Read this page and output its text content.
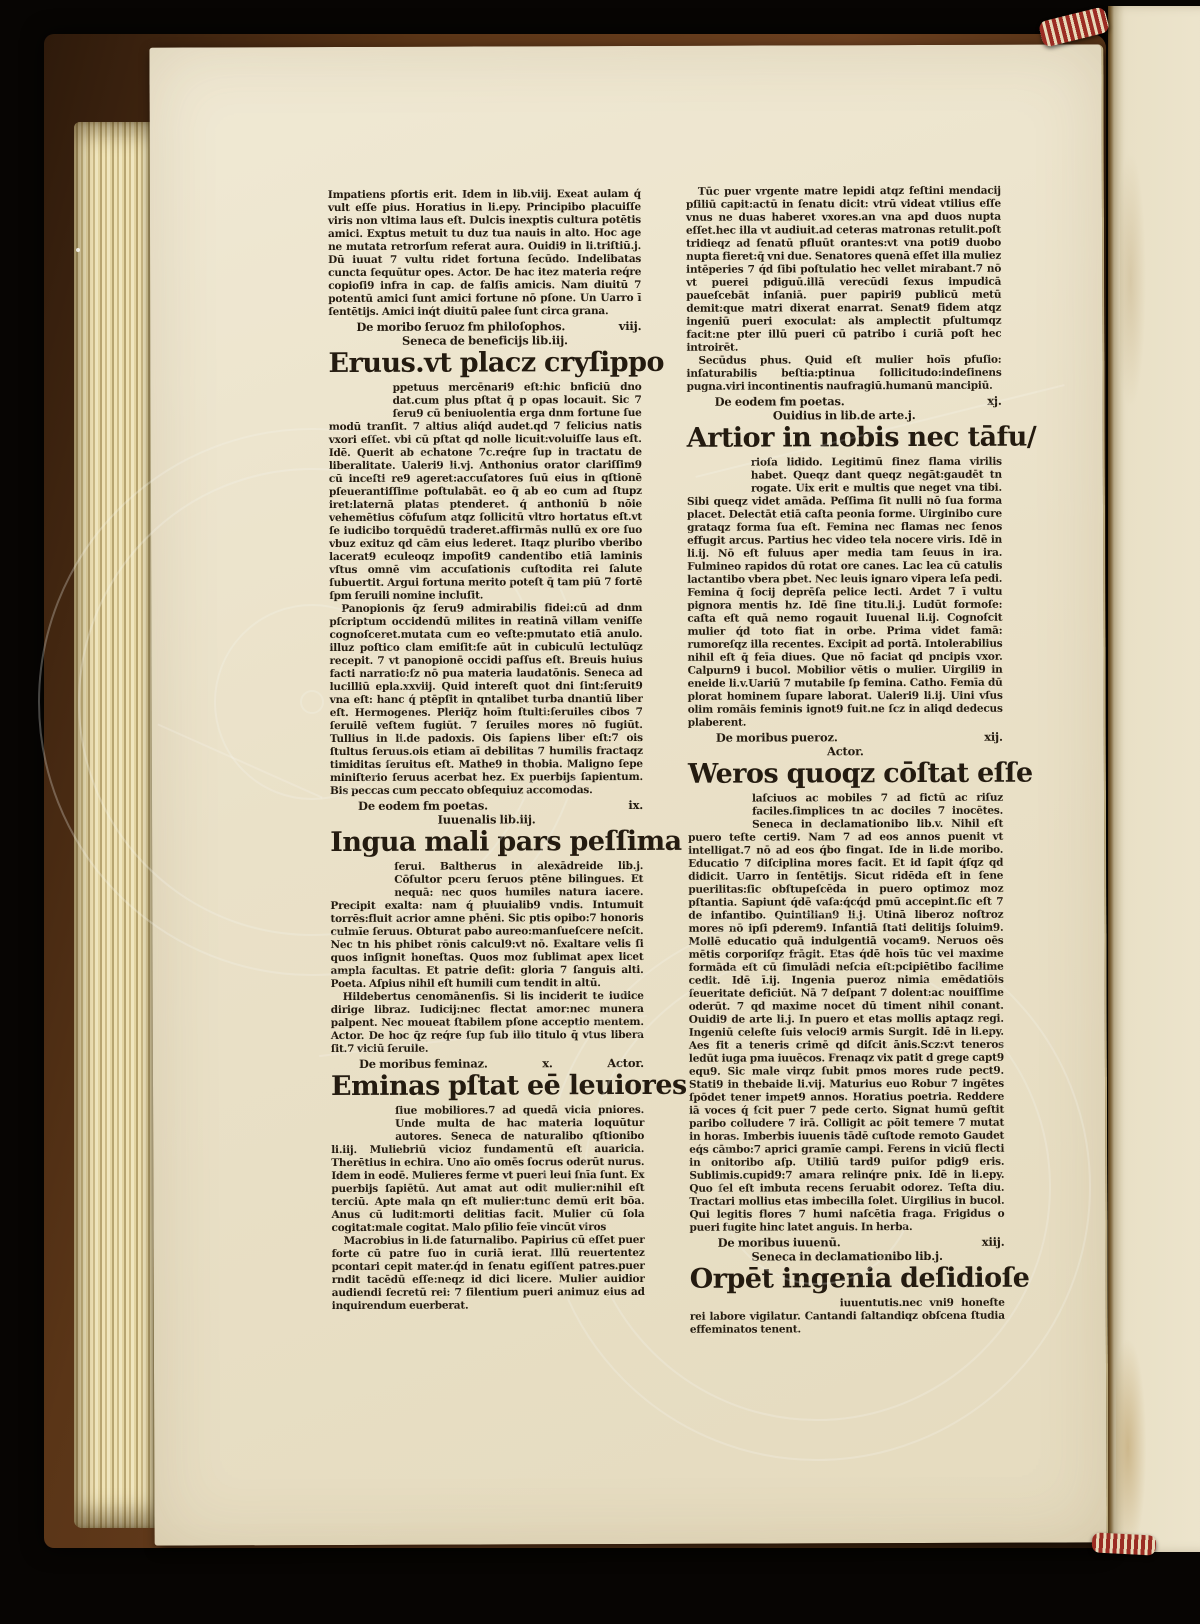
Impatiens pſortis erit. Idem in lib.viij. Exeat aulam q́ vult eſſe pius. Horatius in li.epy. Principibo placuiſſe viris non vltima laus eſt. Dulcis inexptis cultura potētis amici. Exptus metuit tu duz tua nauis in alto. Hoc age ne mutata retrorſum referat aura. Ouidi9 in li.triſtiū.j. Dū iuuat 7 vultu ridet fortuna ſecūdo. Indelibatas cuncta ſequūtur opes. Actor. De hac itez materia req́re copioſi9 infra in cap. de falſis amicis. Nam diuitū 7 potentū amici ſunt amici fortune nō pſone. Un Uarro ī ſentētijs. Amici inq́t diuitū palee ſunt circa grana.

De moribo ſeruoz fm philoſophos.	viij.

Seneca de beneficijs lib.iij.

Eruus.vt placz cryſippo

ppetuus mercēnari9 eſt:hic bnficiū dno dat.cum plus pſtat q̄ p opas locauit. Sic 7 ſeru9 cū beniuolentia erga dnm fortune ſue modū tranſit. 7 altius aliq́d audet.qd 7 felicius natis vxori eſſet. vbi cū pſtat qd nolle licuit:voluiſſe laus eſt. Idē. Querit ab echatone 7c.req́re ſup in tractatu de liberalitate. Ualeri9 li.vj. Anthonius orator clariſſim9 cū inceſti re9 ageret:accuſatores ſuū eius in qſtionē pſeuerantiſſime poſtulabāt. eo q̄ ab eo cum ad ſtupz iret:laternā platas ptenderet. q́ anthoniū b nōie vehemētius cōfuſum atqz ſollicitū vltro hortatus eſt.vt ſe iudicibo torquēdū traderet.affirmās nullū ex ore ſuo vbuz exituz qd cām eius lederet. Itaqz pluribo vberibo lacerat9 eculeoqz impoſit9 candentibo etiā laminis vſtus omnē vim accuſationis cuſtodita rei ſalute ſubuertit. Argui fortuna merito poteſt q̄ tam piū 7 fortē ſpm ſeruili nomine incluſit.

Panopionis q̄z ſeru9 admirabilis fidei:cū ad dnm pſcriptum occidendū milites in reatinā villam veniſſe cognoſceret.mutata cum eo veſte:pmutato etiā anulo. illuz poſtico clam emiſit:ſe aūt in cubiculū lectulūqz recepit. 7 vt panopionē occidi paſſus eſt. Breuis huius facti narratio:ſz nō pua materia laudatōnis. Seneca ad lucilliū epla.xxviij. Quid intereſt quot dni ſint:ſeruit9 vna eſt: hanc q́ ptēpſit in qntalibet turba dnantiū liber eſt. Hermogenes. Pleriq̄z hoīm ſtulti:ſeruiles cibos 7 ſeruilē veſtem fugiūt. 7 ſeruiles mores nō fugiūt. Tullius in li.de padoxis. Ois ſapiens liber eſt:7 ois ſtultus ſeruus.ois etiam aī debilitas 7 humilis fractaqz timiditas ſeruitus eſt. Mathe9 in thobia. Maligno ſepe miniſterio ſeruus acerbat hez. Ex puerbijs ſapientum. Bis peccas cum peccato obſequiuz accomodas.

De eodem fm poetas.	ix.

Iuuenalis lib.iij.

Ingua mali pars peſſima

ſerui. Baltherus in alexādreide lib.j. Cōſultor pceru ſeruos ptēne bilingues. Et nequā: nec quos humiles natura iacere. Precipit exalta: nam q́ pluuialib9 vndis. Intumuit torrēs:fluit acrior amne phēni. Sic ptis opibo:7 honoris culmīe ſeruus. Obturat pabo aureo:manſueſcere neſcit. Nec tn his phibet rōnis calcul9:vt nō. Exaltare velis ſi quos inſignit honeſtas. Quos moz ſublimat apex licet ampla facultas. Et patrie deſit: gloria 7 ſanguis alti. Poeta. Aſpius nihil eſt humili cum tendit in altū.

Hildebertus cenomānenſis. Si lis inciderit te iudice dirige libraz. Iudicij:nec flectat amor:nec munera palpent. Nec moueat ſtabilem pſone acceptio mentem. Actor. De hoc q̄z req́re ſup ſub illo titulo q̄ vtus libera ſit.7 viciū ſeruile.

De moribus feminaz.	x.	Actor.
Eminas pſtat eē leuiores

ſiue mobiliores.7 ad quedā vicia pniores. Unde multa de hac materia loquūtur autores. Seneca de naturalibo qſtionibo li.iij. Muliebriū vicioz fundamentū eſt auaricia. Therētius in echira. Uno aīo omēs ſocrus oderūt nurus. Idem in eodē. Mulieres ferme vt pueri leui ſnīa ſunt. Ex puerbijs ſapiētū. Aut amat aut odit mulier:nihil eſt terciū. Apte mala qn eſt mulier:tunc demū erit bōa. Anus cū ludit:morti delitias facit. Mulier cū ſola cogitat:male cogitat. Malo pſilio feīe vincūt viros

Macrobius in li.de ſaturnalibo. Papirius cū eſſet puer forte cū patre ſuo in curiā ierat. Illū reuertentez pcontari cepit mater.q́d in ſenatu egiſſent patres.puer rndit tacēdū eſſe:neqz id dici licere. Mulier auidior audiendi ſecretū rei: 7 ſilentium pueri animuz eius ad inquirendum euerberat.

Tūc puer vrgente matre lepidi atqz feſtini mendacij pſiliū capit:actū in ſenatu dicit: vtrū videat vtilius eſſe vnus ne duas haberet vxores.an vna apd duos nupta eſſet.hec illa vt audiuit.ad ceteras matronas retulit.poſt tridieqz ad ſenatū pfluūt orantes:vt vna poti9 duobo nupta fieret:q̄ vni due. Senatores quenā eſſet illa muliez intēperies 7 q́d ſibi poſtulatio hec vellet mirabant.7 nō vt puerei pdiguū.illā verecūdi ſexus impudicā paueſcebāt inſaniā. puer papiri9 publicū metū demit:que matri dixerat enarrat. Senat9 fidem atqz ingeniū pueri exoculat: als amplectit pſultumqz facit:ne pter illū pueri cū patribo i curiā poſt hec introirēt.

Secūdus phus. Quid eſt mulier hoīs pfuſio: inſaturabilis beſtia:ptinua ſollicitudo:indeſinens pugna.viri incontinentis naufragiū.humanū mancipiū.

De eodem fm poetas.	xj.

Ouidius in lib.de arte.j.

Artior in nobis nec tāfu/

rioſa lidido. Legitimū finez flama virilis habet. Queqz dant queqz negāt:gaudēt tn rogate. Uix erit e multis que neget vna tibi. Sibi queqz videt amāda. Peſſima ſit nulli nō ſua forma placet. Delectāt etiā caſta peonia forme. Uirginibo cure grataqz forma ſua eſt. Femina nec flamas nec ſenos effugit arcus. Partius hec video tela nocere viris. Idē in li.ij. Nō eſt fuluus aper media tam ſeuus in ira. Fulmineo rapidos dū rotat ore canes. Lac lea cū catulis lactantibo vbera pbet. Nec leuis ignaro vipera leſa pedi. Femina q̄ ſocij deprēſa pelice lecti. Ardet 7 ī vultu pignora mentis hz. Idē ſine titu.li.j. Ludūt formoſe: caſta eſt quā nemo rogauit Iuuenal li.ij. Cognoſcit mulier q́d toto fiat in orbe. Prima videt famā: rumoreſqz illa recentes. Excipit ad portā. Intolerabilius nihil eſt q̄ feīa diues. Que nō faciat qd pncipis vxor. Calpurn9 i bucol. Mobilior vētis o mulier. Uirgili9 in eneide li.v.Uariū 7 mutabile ſp femina. Catho. Femīa dū plorat hominem ſupare laborat. Ualeri9 li.ij. Uini vſus olim romāis feminis ignot9 fuit.ne ſcz in aliqd dedecus plaberent.

De moribus pueroz.	xij.

Actor.

Weros quoqz cōſtat eſſe

laſciuos ac mobiles 7 ad fictū ac riſuz faciles.ſimplices tn ac dociles 7 inocētes. Seneca in declamationibo lib.v. Nihil eſt puero teſte certi9. Nam 7 ad eos annos puenit vt intelligat.7 nō ad eos q́bo fingat. Ide in li.de moribo. Educatio 7 diſciplina mores facit. Et id ſapit q́ſqz qd didicit. Uarro in ſentētijs. Sicut ridēda eſt in ſene puerilitas:ſic obſtupeſcēda in puero optimoz moz pſtantia. Sapiunt q́dē vaſa:q́cq́d pmū accepint.ſic eſt 7 de infantibo. Quintilian9 li.j. Utinā liberoz noſtroz mores nō ipſi pderem9. Infantiā ſtati delitijs ſoluim9. Mollē educatio quā indulgentiā vocam9. Neruos oēs mētis corporiſqz frāgit. Etas q́dē hoīs tūc vel maxime formāda eſt cū ſimulādi neſcia eſt:pcipiētibo facilime cedit. Idē ī.ij. Ingenia pueroz nimia emēdatiōis ſeueritate deficiūt. Nā 7 deſpant 7 dolent:ac nouiſſime oderūt. 7 qd maxime nocet dū timent nihil conant. Ouidi9 de arte li.j. In puero et etas mollis aptaqz regi. Ingeniū celeſte ſuis veloci9 armis Surgit. Idē in li.epy. Aes fit a teneris crimē qd diſcit ānis.Scz:vt teneros ledūt iuga pma iuuēcos. Frenaqz vix patit d grege capt9 equ9. Sic male virqz ſubit pmos mores rude pect9. Stati9 in thebaide li.vij. Maturius euo Robur 7 ingētes ſpōdet tener impet9 annos. Horatius poetria. Reddere iā voces q́ ſcit puer 7 pede certo. Signat humū geſtit paribo colludere 7 irā. Colligit ac pōit temere 7 mutat in horas. Imberbis iuuenis tādē cuſtode remoto Gaudet eq́s cāmbo:7 aprici gramīe campi. Ferens in viciū flecti in onitoribo aſp. Utiliū tard9 puiſor pdig9 eris. Sublimis.cupid9:7 amara relinq́re pnix. Idē in li.epy. Quo ſel eſt imbuta recens ſeruabit odorez. Teſta diu. Tractari mollius etas imbecilla ſolet. Uirgilius in bucol. Qui legitis flores 7 humi naſcētia fraga. Frigidus o pueri fugite hinc latet anguis. In herba.

De moribus iuuenū.	xiij.

Seneca in declamationibo lib.j.

Orpēt ingenia deſidioſe

iuuentutis.nec vni9 honeſte rei labore vigilatur. Cantandi ſaltandiqz obſcena ſtudia effeminatos tenent.
